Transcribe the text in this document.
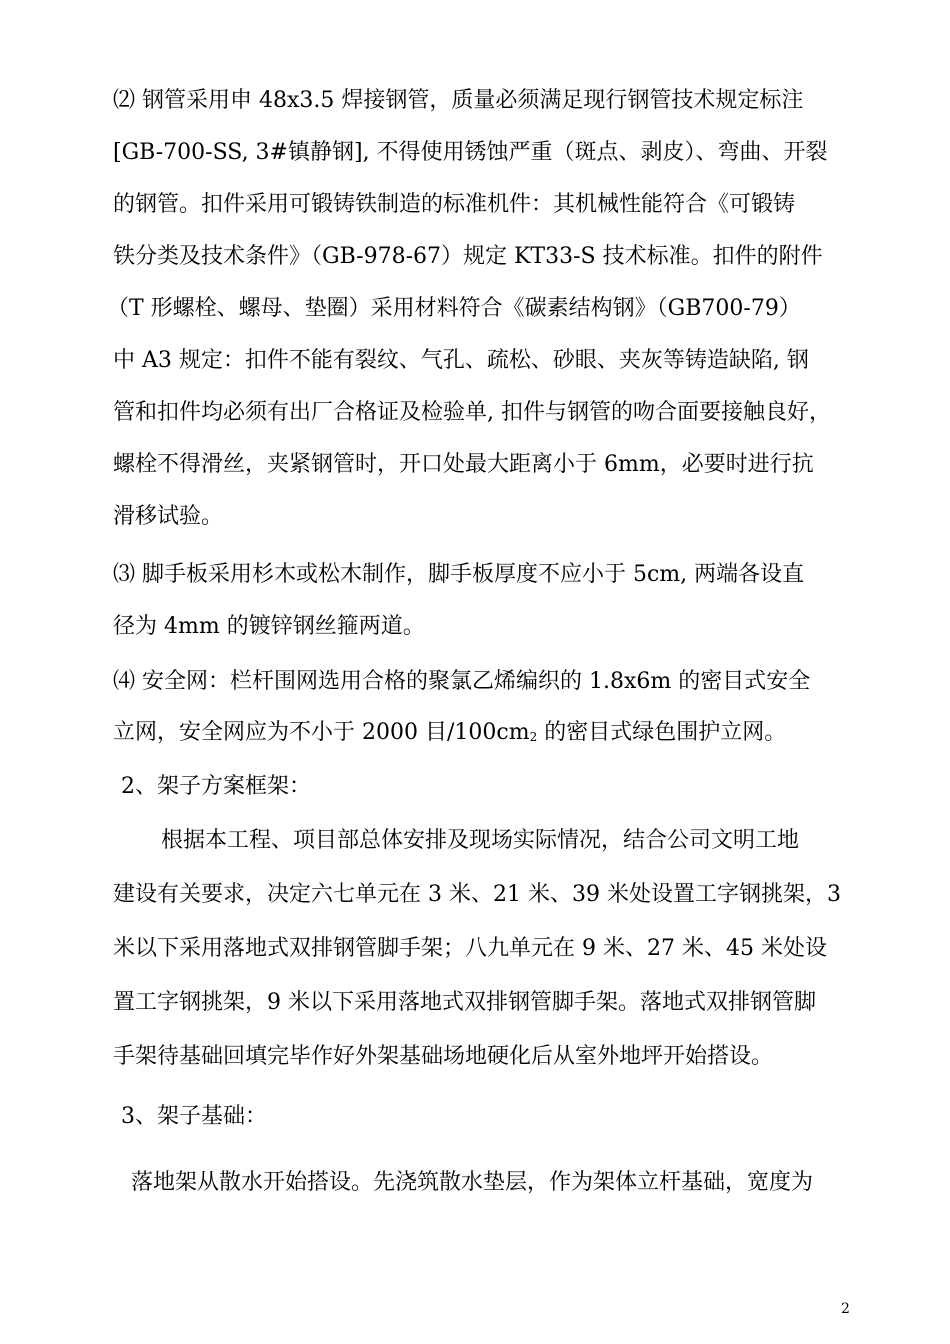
⑵ 钢管采用申 48x3.5 焊接钢管，质量必须满足现行钢管技术规定标注
[GB-700-SS, 3#镇静钢], 不得使用锈蚀严重（斑点、剥皮）、弯曲、开裂
的钢管。扣件采用可锻铸铁制造的标准机件：其机械性能符合《可锻铸
铁分类及技术条件》（GB-978-67）规定 KT33-S 技术标准。扣件的附件
（T 形螺栓、螺母、垫圈）采用材料符合《碳素结构钢》（GB700-79）
中 A3 规定：扣件不能有裂纹、气孔、疏松、砂眼、夹灰等铸造缺陷, 钢
管和扣件均必须有出厂合格证及检验单, 扣件与钢管的吻合面要接触良好，
螺栓不得滑丝，夹紧钢管时，开口处最大距离小于 6mm，必要时进行抗
滑移试验。
⑶ 脚手板采用杉木或松木制作，脚手板厚度不应小于 5cm, 两端各设直
径为 4mm 的镀锌钢丝箍两道。
⑷ 安全网：栏杆围网选用合格的聚氯乙烯编织的 1.8x6m 的密目式安全
立网，安全网应为不小于 2000 目/100cm2 的密目式绿色围护立网。
2、架子方案框架：
根据本工程、项目部总体安排及现场实际情况，结合公司文明工地
建设有关要求，决定六七单元在 3 米、21 米、39 米处设置工字钢挑架，3
米以下采用落地式双排钢管脚手架；八九单元在 9 米、27 米、45 米处设
置工字钢挑架，9 米以下采用落地式双排钢管脚手架。落地式双排钢管脚
手架待基础回填完毕作好外架基础场地硬化后从室外地坪开始搭设。
3、架子基础：
落地架从散水开始搭设。先浇筑散水垫层，作为架体立杆基础，宽度为
2
